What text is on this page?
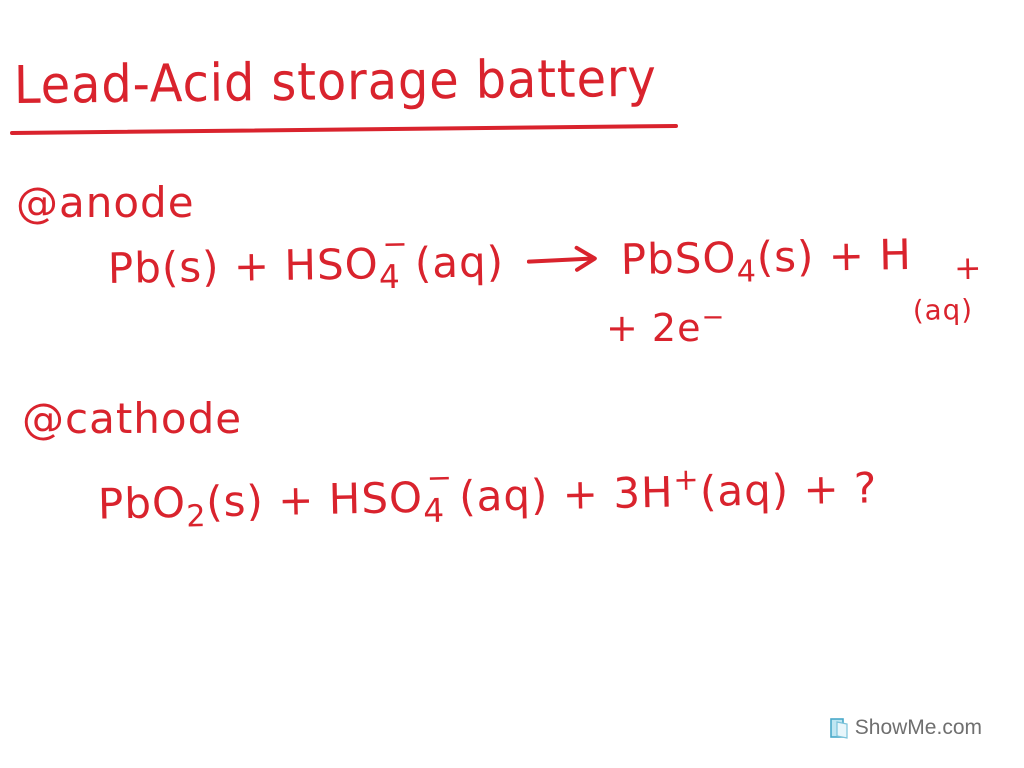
Lead-Acid storage battery
@anode
Pb(s) + HSO −
4 (aq)	PbSO$_4$(s) + H +
(aq)
+ 2e−
@cathode
PbO$_2$(s) + HSO −
4 (aq) + 3H+(aq) + ?
ShowMe.com
